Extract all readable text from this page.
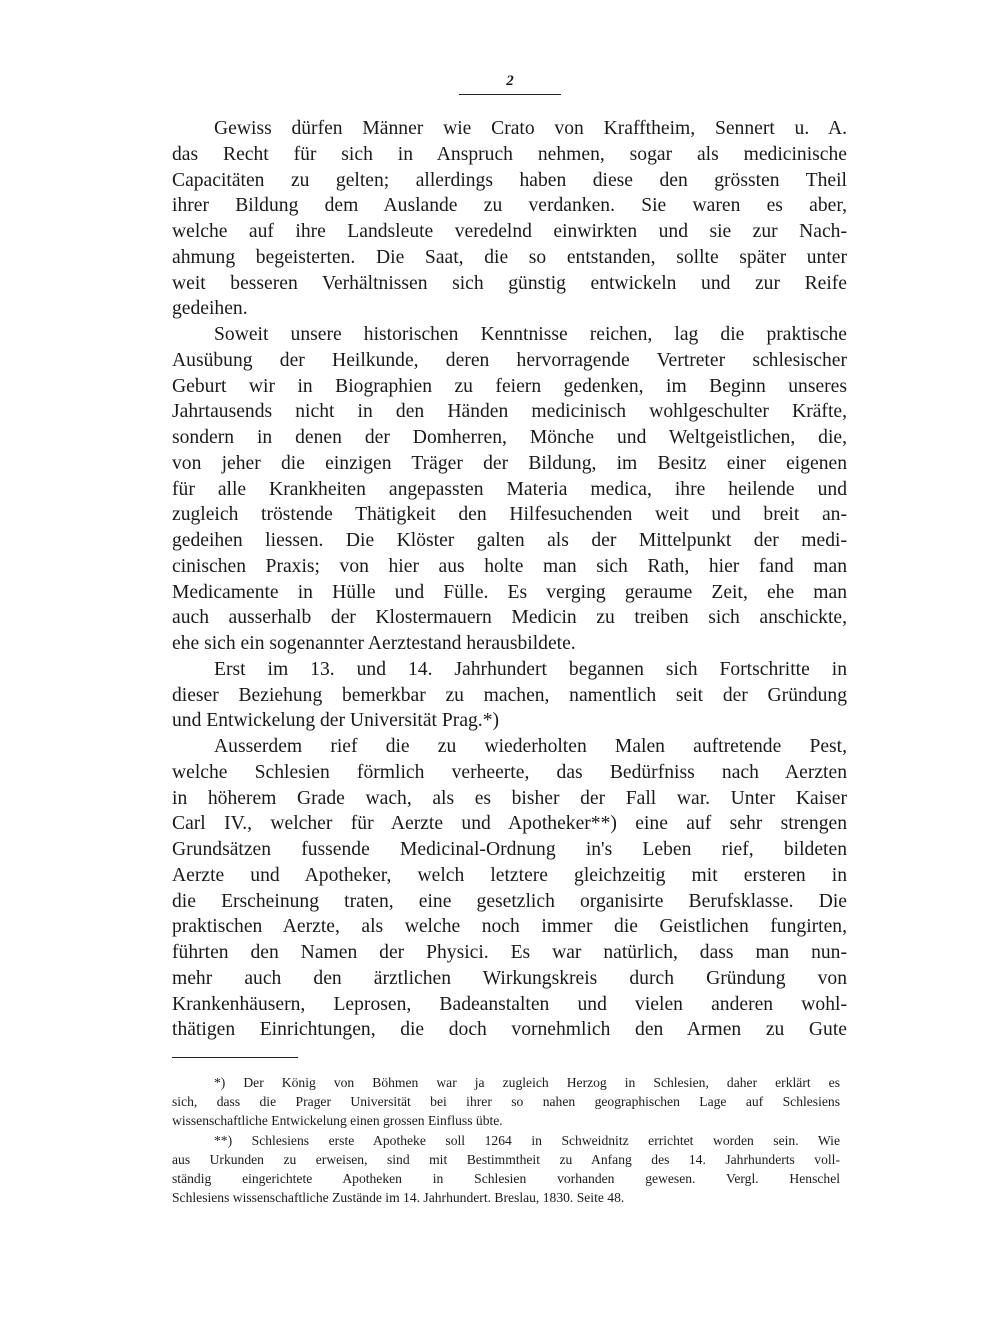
2
Gewiss dürfen Männer wie Crato von Krafftheim, Sennert u. A.
das Recht für sich in Anspruch nehmen, sogar als medicinische
Capacitäten zu gelten; allerdings haben diese den grössten Theil
ihrer Bildung dem Auslande zu verdanken. Sie waren es aber,
welche auf ihre Landsleute veredelnd einwirkten und sie zur Nach-
ahmung begeisterten. Die Saat, die so entstanden, sollte später unter
weit besseren Verhältnissen sich günstig entwickeln und zur Reife
gedeihen.
Soweit unsere historischen Kenntnisse reichen, lag die praktische
Ausübung der Heilkunde, deren hervorragende Vertreter schlesischer
Geburt wir in Biographien zu feiern gedenken, im Beginn unseres
Jahrtausends nicht in den Händen medicinisch wohlgeschulter Kräfte,
sondern in denen der Domherren, Mönche und Weltgeistlichen, die,
von jeher die einzigen Träger der Bildung, im Besitz einer eigenen
für alle Krankheiten angepassten Materia medica, ihre heilende und
zugleich tröstende Thätigkeit den Hilfesuchenden weit und breit an-
gedeihen liessen. Die Klöster galten als der Mittelpunkt der medi-
cinischen Praxis; von hier aus holte man sich Rath, hier fand man
Medicamente in Hülle und Fülle. Es verging geraume Zeit, ehe man
auch ausserhalb der Klostermauern Medicin zu treiben sich anschickte,
ehe sich ein sogenannter Aerztestand herausbildete.
Erst im 13. und 14. Jahrhundert begannen sich Fortschritte in
dieser Beziehung bemerkbar zu machen, namentlich seit der Gründung
und Entwickelung der Universität Prag.*)
Ausserdem rief die zu wiederholten Malen auftretende Pest,
welche Schlesien förmlich verheerte, das Bedürfniss nach Aerzten
in höherem Grade wach, als es bisher der Fall war. Unter Kaiser
Carl IV., welcher für Aerzte und Apotheker**) eine auf sehr strengen
Grundsätzen fussende Medicinal-Ordnung in's Leben rief, bildeten
Aerzte und Apotheker, welch letztere gleichzeitig mit ersteren in
die Erscheinung traten, eine gesetzlich organisirte Berufsklasse. Die
praktischen Aerzte, als welche noch immer die Geistlichen fungirten,
führten den Namen der Physici. Es war natürlich, dass man nun-
mehr auch den ärztlichen Wirkungskreis durch Gründung von
Krankenhäusern, Leprosen, Badeanstalten und vielen anderen wohl-
thätigen Einrichtungen, die doch vornehmlich den Armen zu Gute
*) Der König von Böhmen war ja zugleich Herzog in Schlesien, daher erklärt es
sich, dass die Prager Universität bei ihrer so nahen geographischen Lage auf Schlesiens
wissenschaftliche Entwickelung einen grossen Einfluss übte.
**) Schlesiens erste Apotheke soll 1264 in Schweidnitz errichtet worden sein. Wie
aus Urkunden zu erweisen, sind mit Bestimmtheit zu Anfang des 14. Jahrhunderts voll-
ständig eingerichtete Apotheken in Schlesien vorhanden gewesen. Vergl. Henschel
Schlesiens wissenschaftliche Zustände im 14. Jahrhundert. Breslau, 1830. Seite 48.
